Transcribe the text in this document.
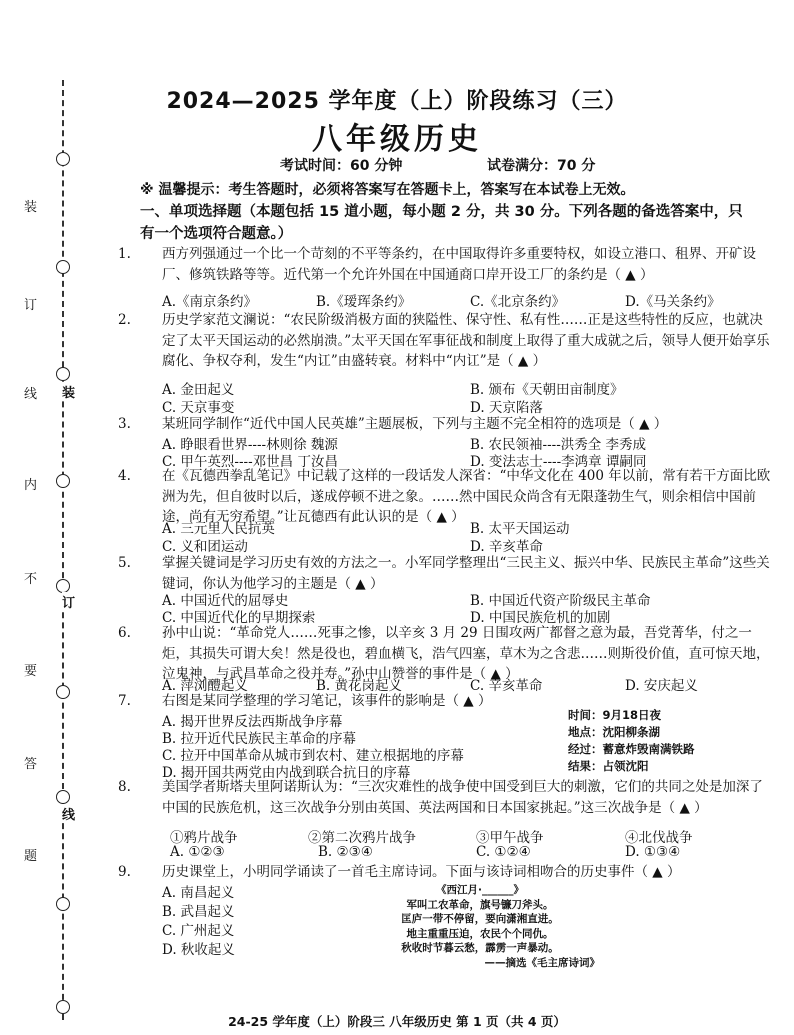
装
订
线
内
不
要
答
题
装
订
线
2024—2025 学年度（上）阶段练习（三）
八年级历史
考试时间：60 分钟	试卷满分：70 分
※ 温馨提示：考生答题时，必须将答案写在答题卡上，答案写在本试卷上无效。
一、单项选择题（本题包括 15 道小题，每小题 2 分，共 30 分。下列各题的备选答案中，只有一个选项符合题意。）
1. 西方列强通过一个比一个苛刻的不平等条约，在中国取得许多重要特权，如设立港口、租界、开矿设厂、修筑铁路等等。近代第一个允许外国在中国通商口岸开设工厂的条约是（ ▲ ）
A.《南京条约》	B.《瑷珲条约》	C.《北京条约》	D.《马关条约》
2. 历史学家范文澜说：“农民阶级消极方面的狭隘性、保守性、私有性……正是这些特性的反应，也就决定了太平天国运动的必然崩溃。”太平天国在军事征战和制度上取得了重大成就之后，领导人便开始享乐腐化、争权夺利，发生“内讧”由盛转衰。材料中“内讧”是（ ▲ ）
A. 金田起义	B. 颁布《天朝田亩制度》
C. 天京事变	D. 天京陷落
3. 某班同学制作“近代中国人民英雄”主题展板，下列与主题不完全相符的选项是（ ▲ ）
A. 睁眼看世界----林则徐 魏源	B. 农民领袖----洪秀全 李秀成
C. 甲午英烈----邓世昌 丁汝昌	D. 变法志士----李鸿章 谭嗣同
4. 在《瓦德西拳乱笔记》中记载了这样的一段话发人深省：“中华文化在 400 年以前，常有若干方面比欧洲为先，但自彼时以后，遂成停顿不进之象。……然中国民众尚含有无限蓬勃生气，则余相信中国前途，尚有无穷希望。”让瓦德西有此认识的是（ ▲ ）
A. 三元里人民抗英	B. 太平天国运动
C. 义和团运动	D. 辛亥革命
5. 掌握关键词是学习历史有效的方法之一。小军同学整理出“三民主义、振兴中华、民族民主革命”这些关键词，你认为他学习的主题是（ ▲ ）
A. 中国近代的屈辱史	B. 中国近代资产阶级民主革命
C. 中国近代化的早期探索	D. 中国民族危机的加剧
6. 孙中山说：“革命党人……死事之惨，以辛亥 3 月 29 日围攻两广都督之意为最，吾党菁华，付之一炬，其损失可谓大矣！然是役也，碧血横飞，浩气四塞，草木为之含悲……则斯役价值，直可惊天地，泣鬼神，与武昌革命之役并寿。”孙中山赞誉的事件是（ ▲ ）
A. 萍浏醴起义	B. 黄花岗起义	C. 辛亥革命	D. 安庆起义
7. 右图是某同学整理的学习笔记，该事件的影响是（ ▲ ）
A. 揭开世界反法西斯战争序幕
B. 拉开近代民族民主革命的序幕
C. 拉开中国革命从城市到农村、建立根据地的序幕
D. 揭开国共两党由内战到联合抗日的序幕
时间：9月18日夜
地点：沈阳柳条湖
经过：蓄意炸毁南满铁路
结果：占领沈阳
8. 美国学者斯塔夫里阿诺斯认为：“三次灾难性的战争使中国受到巨大的刺激，它们的共同之处是加深了中国的民族危机，这三次战争分别由英国、英法两国和日本国家挑起。”这三次战争是（ ▲ ）
①鸦片战争	②第二次鸦片战争	③甲午战争	④北伐战争
A. ①②③	B. ②③④	C. ①②④	D. ①③④
9. 历史课堂上，小明同学诵读了一首毛主席诗词。下面与该诗词相吻合的历史事件（ ▲ ）
A. 南昌起义
B. 武昌起义
C. 广州起义
D. 秋收起义
《西江月·______》
军叫工农革命，旗号镰刀斧头。
匡庐一带不停留，要向潇湘直进。
地主重重压迫，农民个个同仇。
秋收时节暮云愁，霹雳一声暴动。
——摘选《毛主席诗词》
24-25 学年度（上）阶段三 八年级历史 第 1 页（共 4 页）
